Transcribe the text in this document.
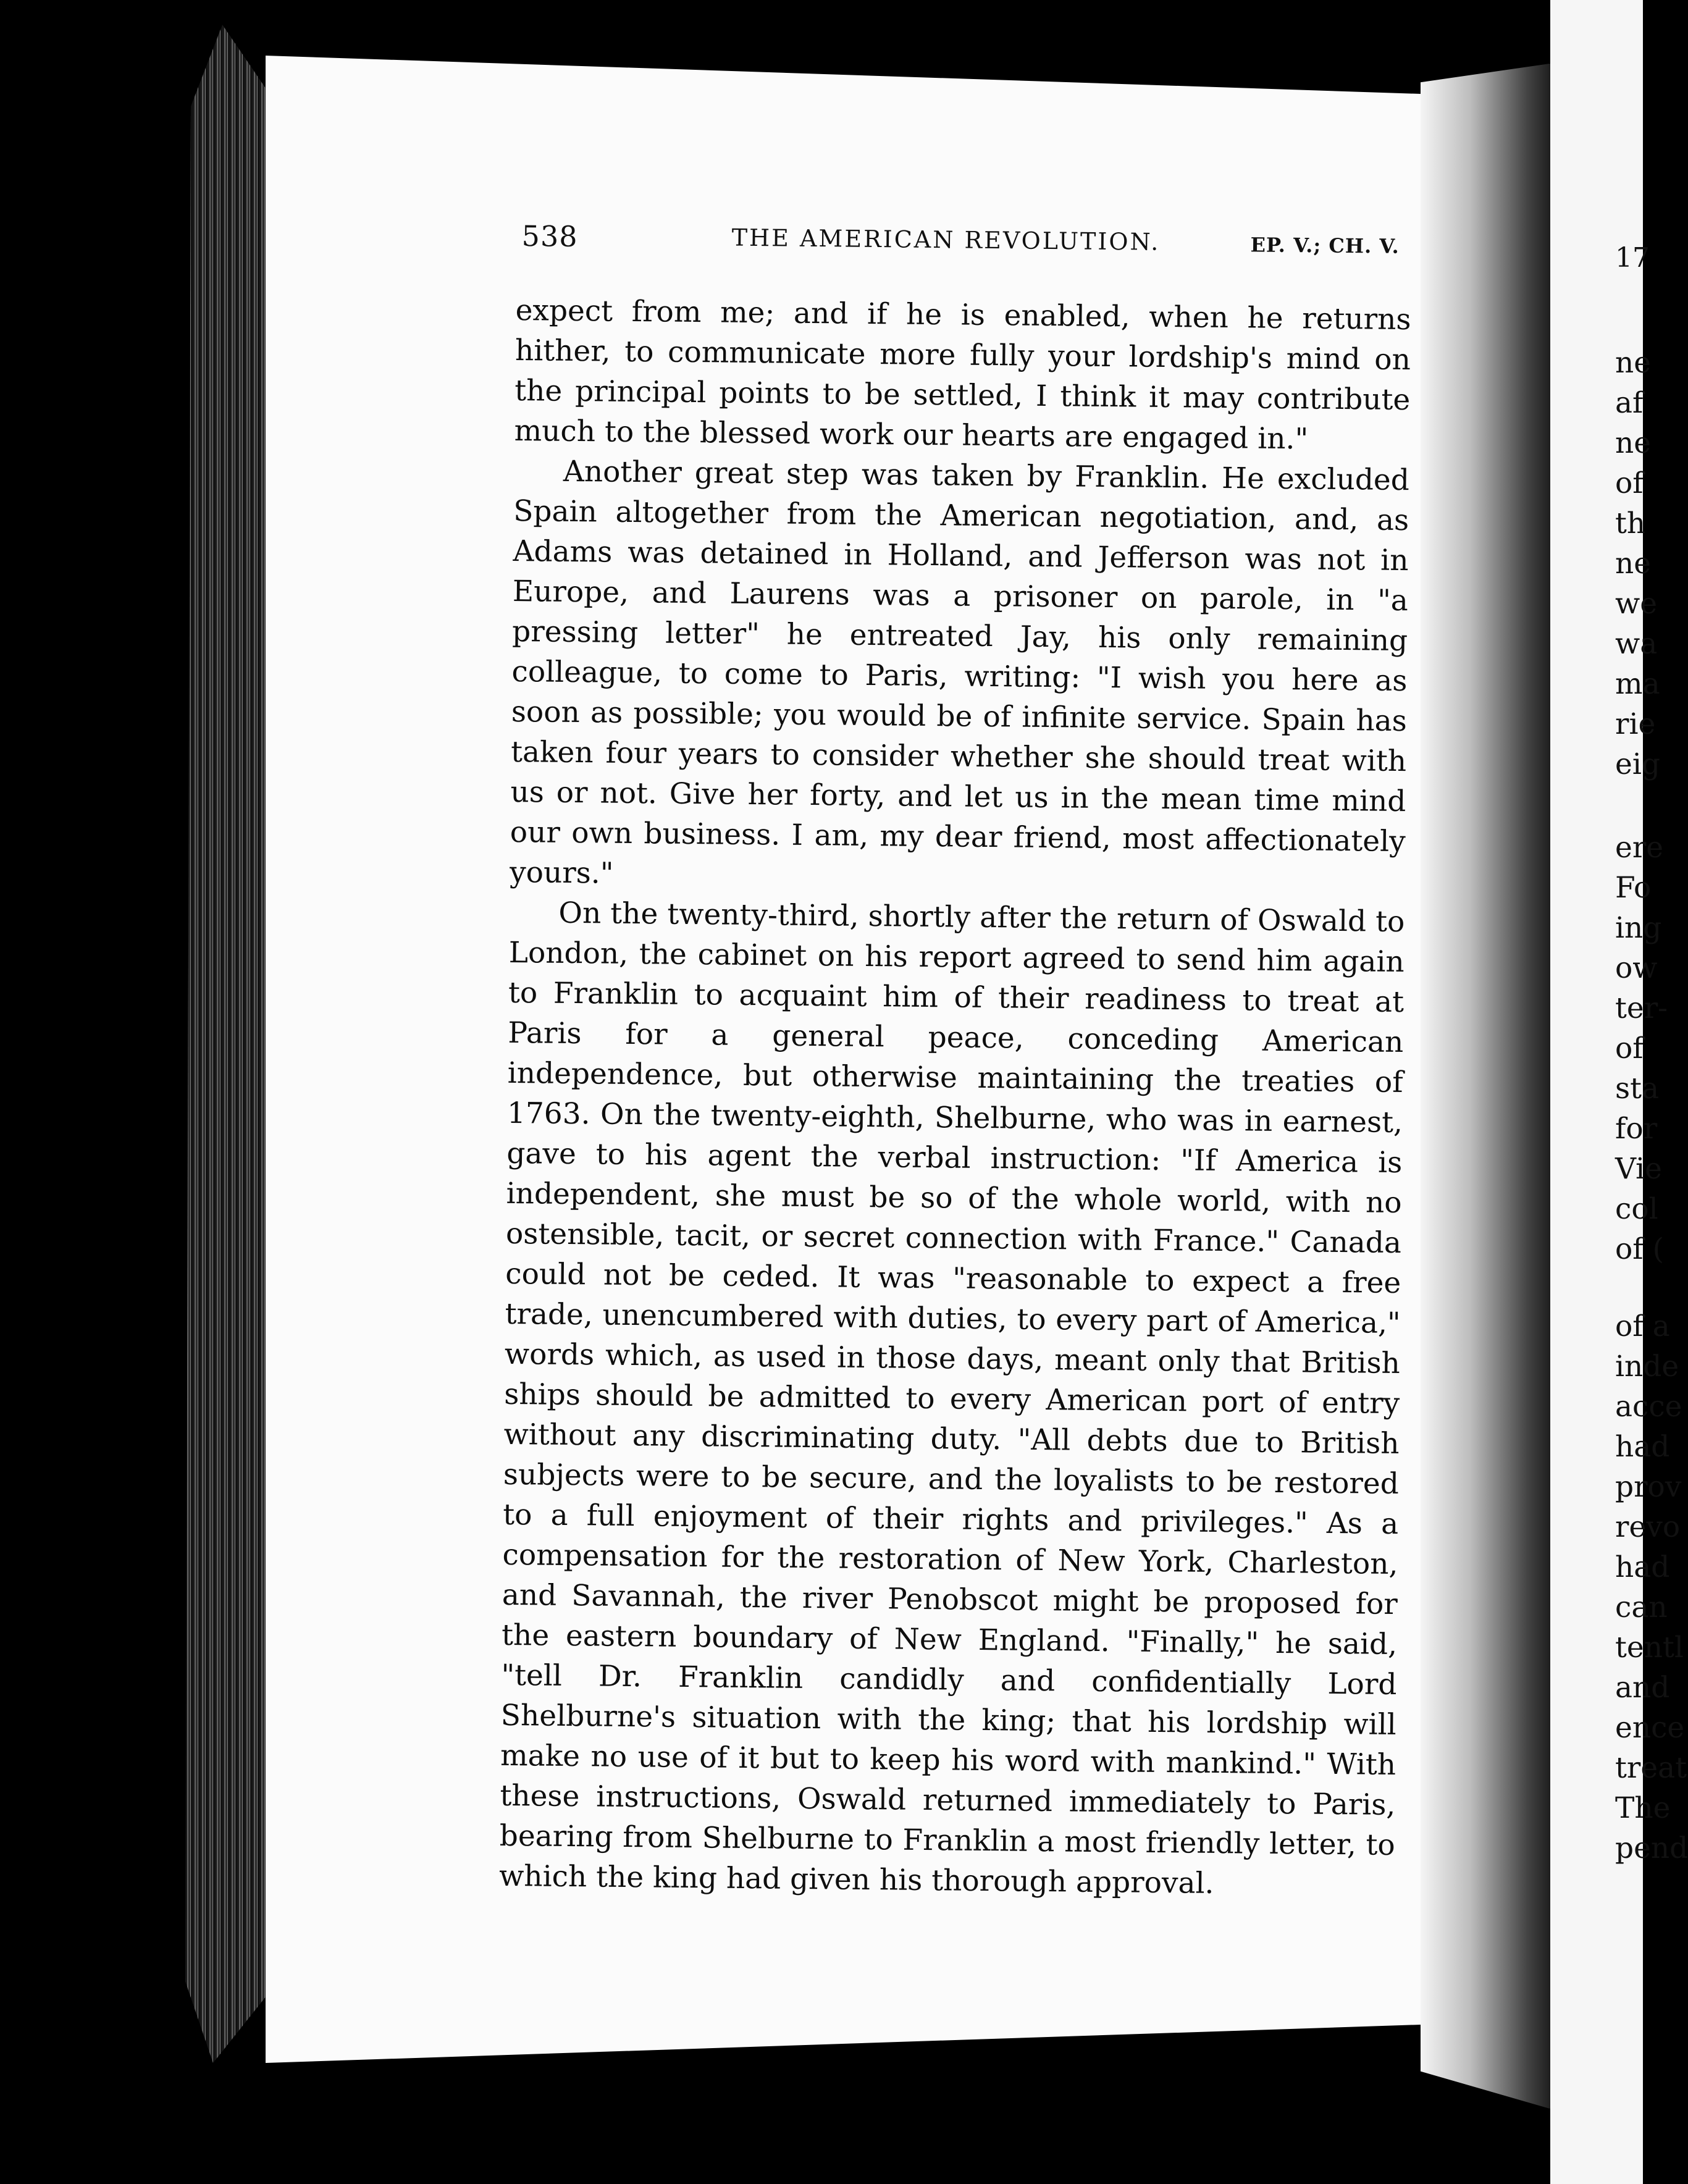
538	THE AMERICAN REVOLUTION.	EP. V.; CH. V.

expect from me; and if he is enabled, when he returns hither, to communicate more fully your lordship's mind on the principal points to be settled, I think it may contribute much to the blessed work our hearts are engaged in."

Another great step was taken by Franklin. He excluded Spain altogether from the American negotiation, and, as Adams was detained in Holland, and Jefferson was not in Europe, and Laurens was a prisoner on parole, in "a pressing letter" he entreated Jay, his only remaining colleague, to come to Paris, writing: "I wish you here as soon as possible; you would be of infinite service. Spain has taken four years to consider whether she should treat with us or not. Give her forty, and let us in the mean time mind our own business. I am, my dear friend, most affectionately yours."

On the twenty-third, shortly after the return of Oswald to London, the cabinet on his report agreed to send him again to Franklin to acquaint him of their readiness to treat at Paris for a general peace, conceding American independence, but otherwise maintaining the treaties of 1763. On the twenty-eighth, Shelburne, who was in earnest, gave to his agent the verbal instruction: "If America is independent, she must be so of the whole world, with no ostensible, tacit, or secret connection with France." Canada could not be ceded. It was "reasonable to expect a free trade, unencumbered with duties, to every part of America," words which, as used in those days, meant only that British ships should be admitted to every American port of entry without any discriminating duty. "All debts due to British subjects were to be secure, and the loyalists to be restored to a full enjoyment of their rights and privileges." As a compensation for the restoration of New York, Charleston, and Savannah, the river Penobscot might be proposed for the eastern boundary of New England. "Finally," he said, "tell Dr. Franklin candidly and confidentially Lord Shelburne's situation with the king; that his lordship will make no use of it but to keep his word with mankind." With these instructions, Oswald returned immediately to Paris, bearing from Shelburne to Franklin a most friendly letter, to which the king had given his thorough approval.

17
ne
af
ne
of
th
ne
we
wa
ma
rie
eig
ere
Fo
ing
ow
ter-
of
sta
for
Vie
col
of (
of a
inde
acce
had
prov
revo
had
can
tentl
and
ence
treat
The
pend
